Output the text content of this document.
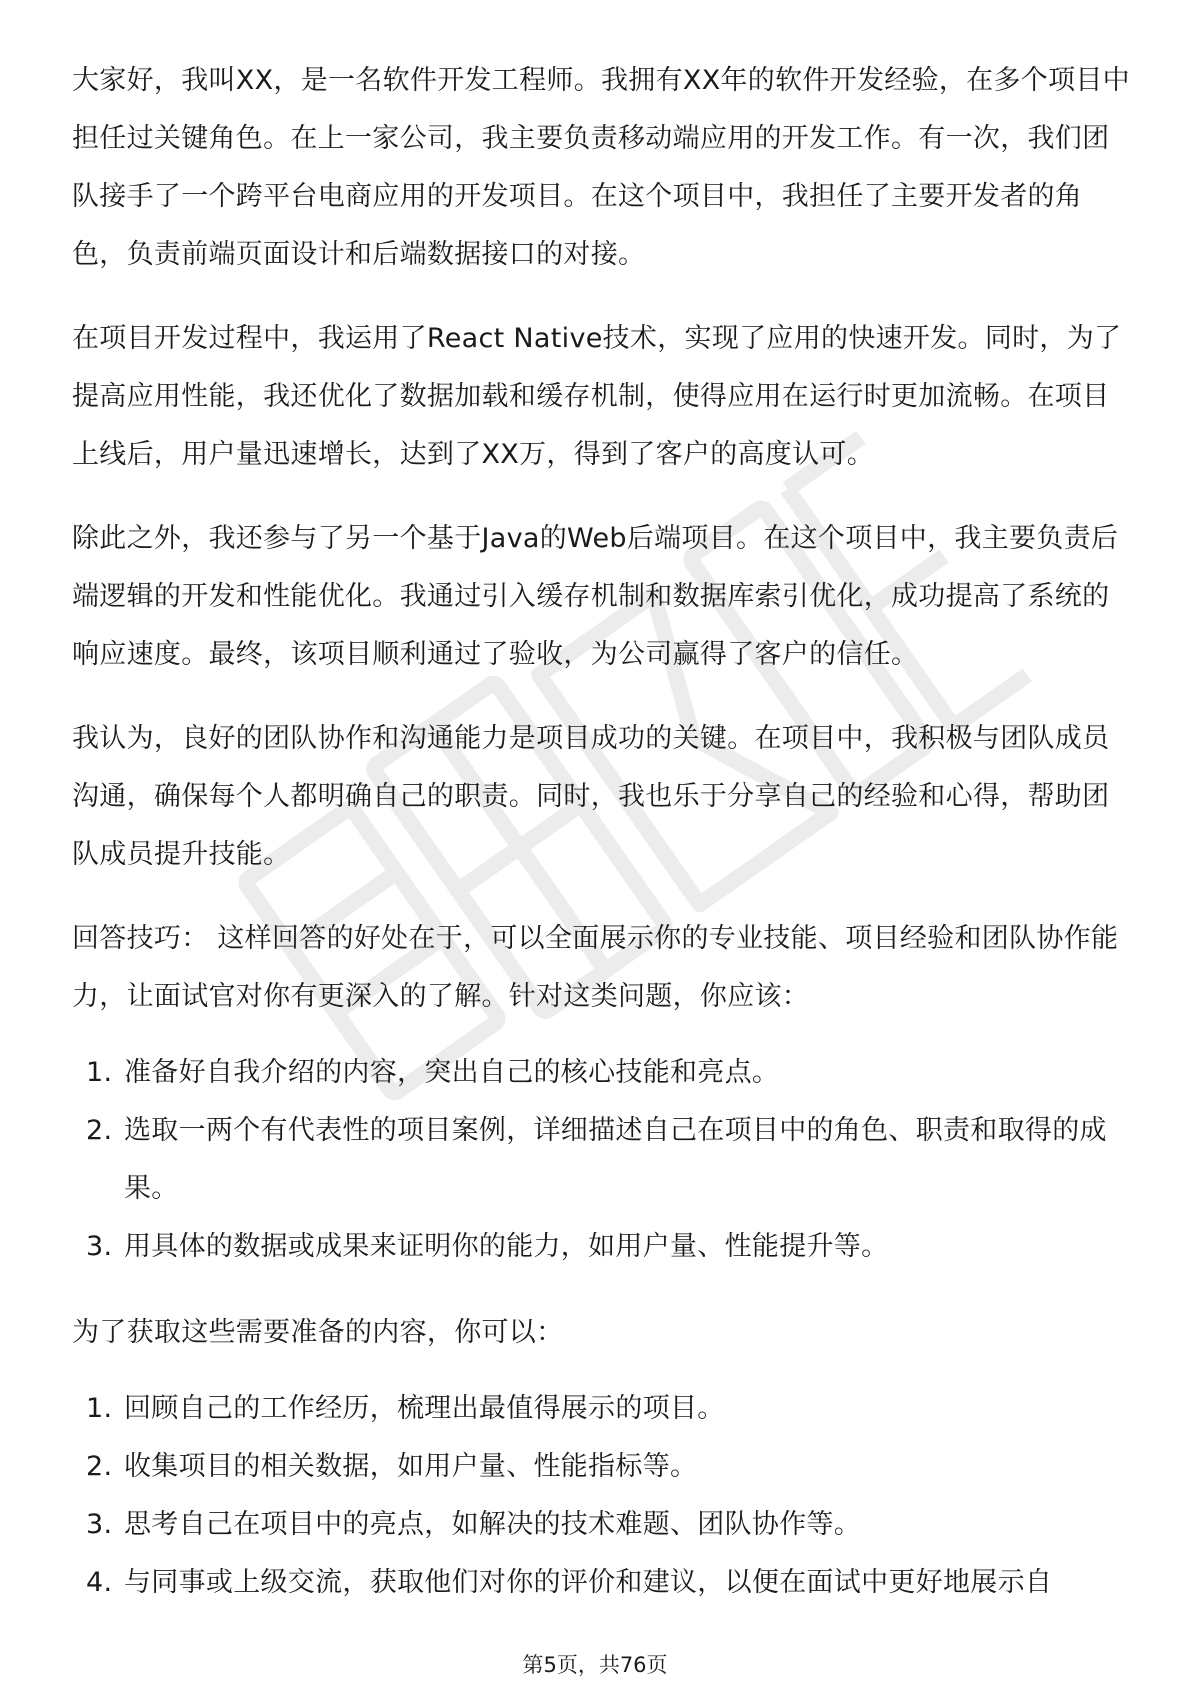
大家好，我叫XX，是一名软件开发工程师。我拥有XX年的软件开发经验，在多个项目中担任过关键角色。在上一家公司，我主要负责移动端应用的开发工作。有一次，我们团队接手了一个跨平台电商应用的开发项目。在这个项目中，我担任了主要开发者的角色，负责前端页面设计和后端数据接口的对接。

在项目开发过程中，我运用了React Native技术，实现了应用的快速开发。同时，为了提高应用性能，我还优化了数据加载和缓存机制，使得应用在运行时更加流畅。在项目上线后，用户量迅速增长，达到了XX万，得到了客户的高度认可。

除此之外，我还参与了另一个基于Java的Web后端项目。在这个项目中，我主要负责后端逻辑的开发和性能优化。我通过引入缓存机制和数据库索引优化，成功提高了系统的响应速度。最终，该项目顺利通过了验收，为公司赢得了客户的信任。

我认为，良好的团队协作和沟通能力是项目成功的关键。在项目中，我积极与团队成员沟通，确保每个人都明确自己的职责。同时，我也乐于分享自己的经验和心得，帮助团队成员提升技能。

回答技巧： 这样回答的好处在于，可以全面展示你的专业技能、项目经验和团队协作能力，让面试官对你有更深入的了解。针对这类问题，你应该：

1. 准备好自我介绍的内容，突出自己的核心技能和亮点。
2. 选取一两个有代表性的项目案例，详细描述自己在项目中的角色、职责和取得的成果。
3. 用具体的数据或成果来证明你的能力，如用户量、性能提升等。

为了获取这些需要准备的内容，你可以：

1. 回顾自己的工作经历，梳理出最值得展示的项目。
2. 收集项目的相关数据，如用户量、性能指标等。
3. 思考自己在项目中的亮点，如解决的技术难题、团队协作等。
4. 与同事或上级交流，获取他们对你的评价和建议，以便在面试中更好地展示自
第5页，共76页
